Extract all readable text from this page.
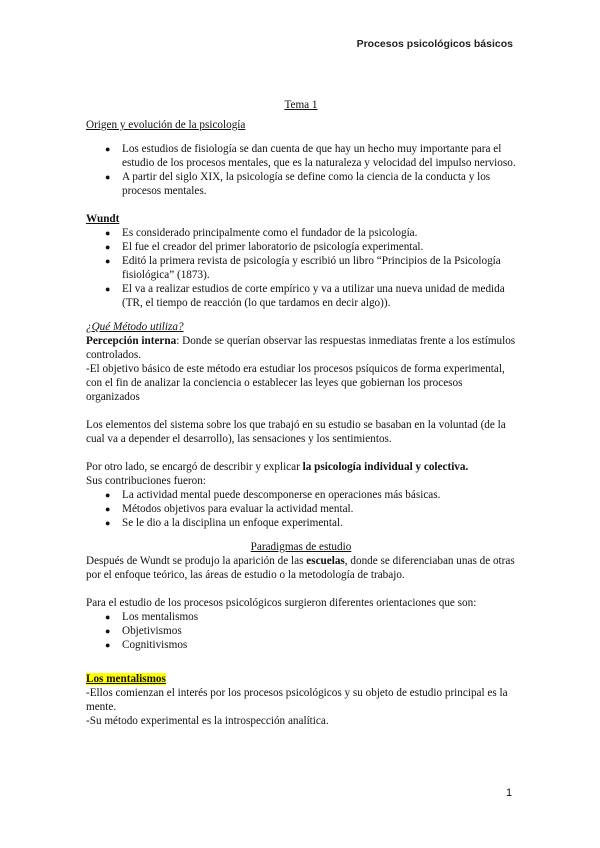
Procesos psicológicos básicos

Tema 1

Origen y evolución de la psicología

● Los estudios de fisiología se dan cuenta de que hay un hecho muy importante para el estudio de los procesos mentales, que es la naturaleza y velocidad del impulso nervioso.
● A partir del siglo XIX, la psicología se define como la ciencia de la conducta y los procesos mentales.

Wundt

● Es considerado principalmente como el fundador de la psicología.
● El fue el creador del primer laboratorio de psicología experimental.
● Editó la primera revista de psicología y escribió un libro “Principios de la Psicología fisiológica” (1873).
● El va a realizar estudios de corte empírico y va a utilizar una nueva unidad de medida (TR, el tiempo de reacción (lo que tardamos en decir algo)).

¿Qué Método utiliza?

Percepción interna: Donde se querían observar las respuestas inmediatas frente a los estímulos controlados.

-El objetivo básico de este método era estudiar los procesos psíquicos de forma experimental, con el fin de analizar la conciencia o establecer las leyes que gobiernan los procesos organizados

Los elementos del sistema sobre los que trabajó en su estudio se basaban en la voluntad (de la cual va a depender el desarrollo), las sensaciones y los sentimientos.

Por otro lado, se encargó de describir y explicar la psicología individual y colectiva.

Sus contribuciones fueron:

● La actividad mental puede descomponerse en operaciones más básicas.
● Métodos objetivos para evaluar la actividad mental.
● Se le dio a la disciplina un enfoque experimental.

Paradigmas de estudio

Después de Wundt se produjo la aparición de las escuelas, donde se diferenciaban unas de otras por el enfoque teórico, las áreas de estudio o la metodología de trabajo.

Para el estudio de los procesos psicológicos surgieron diferentes orientaciones que son:

● Los mentalismos
● Objetivismos
● Cognitivismos

Los mentalismos

-Ellos comienzan el interés por los procesos psicológicos y su objeto de estudio principal es la mente.

-Su método experimental es la introspección analítica.

1
